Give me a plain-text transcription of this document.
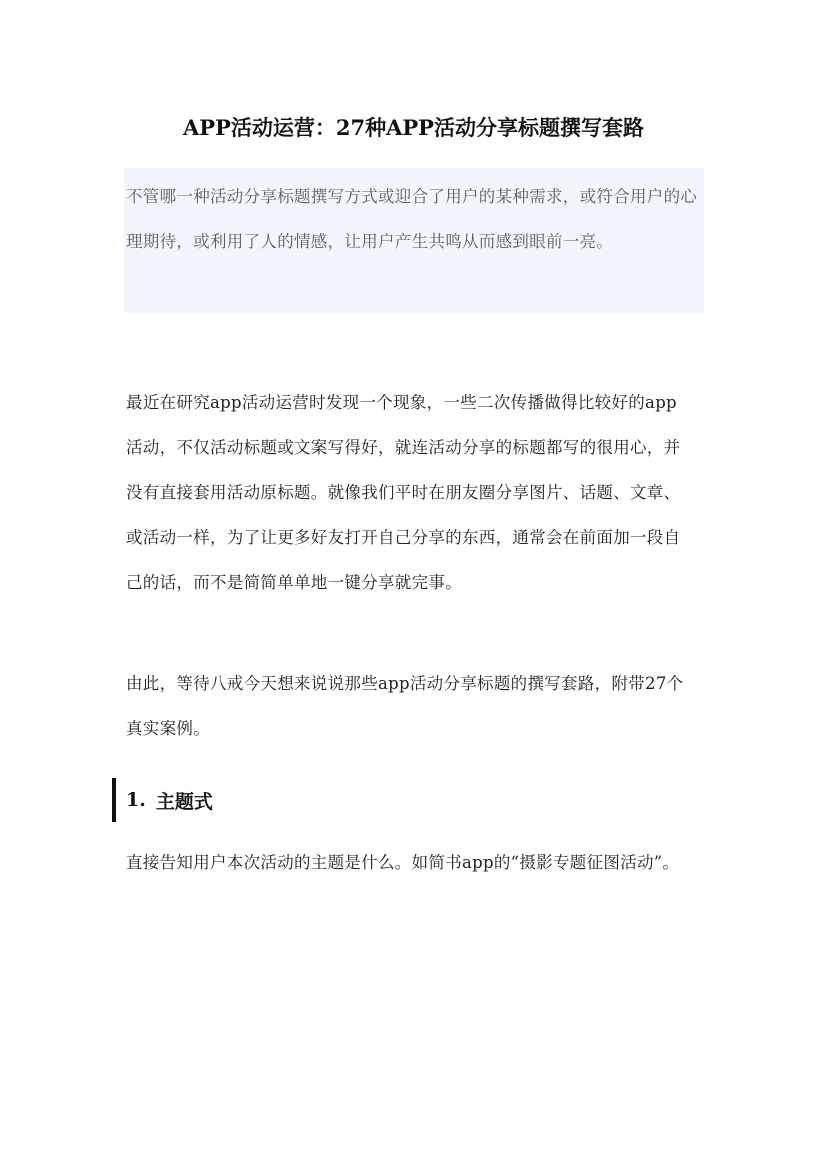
APP活动运营：27种APP活动分享标题撰写套路

不管哪一种活动分享标题撰写方式或迎合了用户的某种需求，或符合用户的心理期待，或利用了人的情感，让用户产生共鸣从而感到眼前一亮。

最近在研究app活动运营时发现一个现象，一些二次传播做得比较好的app活动，不仅活动标题或文案写得好，就连活动分享的标题都写的很用心，并没有直接套用活动原标题。就像我们平时在朋友圈分享图片、话题、文章、或活动一样，为了让更多好友打开自己分享的东西，通常会在前面加一段自己的话，而不是简简单单地一键分享就完事。

由此，等待八戒今天想来说说那些app活动分享标题的撰写套路，附带27个真实案例。

1. 主题式

直接告知用户本次活动的主题是什么。如简书app的“摄影专题征图活动”。
